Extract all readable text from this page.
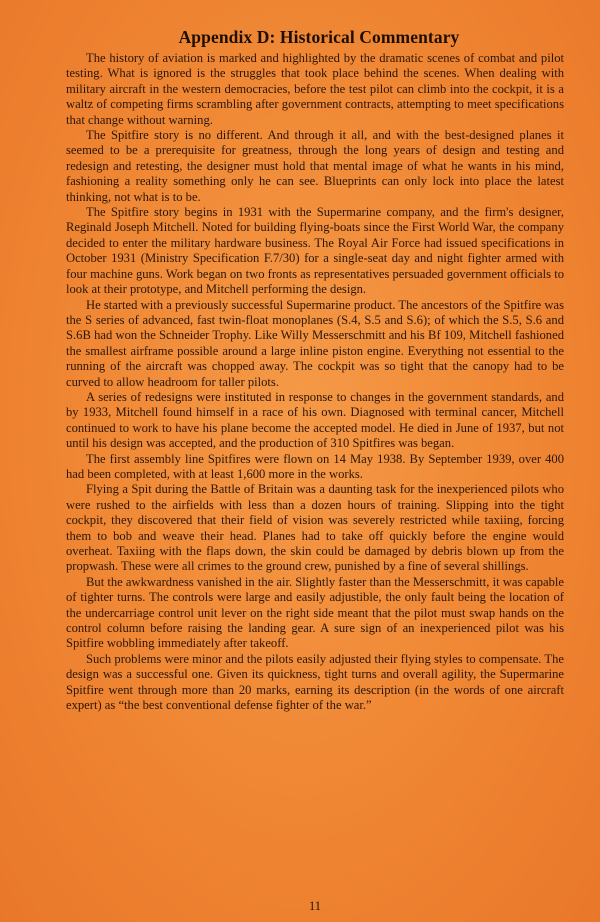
Appendix D: Historical Commentary

The history of aviation is marked and highlighted by the dramatic scenes of combat and pilot testing. What is ignored is the struggles that took place behind the scenes. When dealing with military aircraft in the western democracies, before the test pilot can climb into the cockpit, it is a waltz of competing firms scrambling after government contracts, attempting to meet specifications that change without warning.

The Spitfire story is no different. And through it all, and with the best-designed planes it seemed to be a prerequisite for greatness, through the long years of design and testing and redesign and retesting, the designer must hold that mental image of what he wants in his mind, fashioning a reality something only he can see. Blueprints can only lock into place the latest thinking, not what is to be.

The Spitfire story begins in 1931 with the Supermarine company, and the firm's designer, Reginald Joseph Mitchell. Noted for building flying-boats since the First World War, the company decided to enter the military hardware business. The Royal Air Force had issued specifications in October 1931 (Ministry Specification F.7/30) for a single-seat day and night fighter armed with four machine guns. Work began on two fronts as representatives persuaded government officials to look at their prototype, and Mitchell performing the design.

He started with a previously successful Supermarine product. The ancestors of the Spitfire was the S series of advanced, fast twin-float monoplanes (S.4, S.5 and S.6); of which the S.5, S.6 and S.6B had won the Schneider Trophy. Like Willy Messerschmitt and his Bf 109, Mitchell fashioned the smallest airframe possible around a large inline piston engine. Everything not essential to the running of the aircraft was chopped away. The cockpit was so tight that the canopy had to be curved to allow headroom for taller pilots.

A series of redesigns were instituted in response to changes in the government standards, and by 1933, Mitchell found himself in a race of his own. Diagnosed with terminal cancer, Mitchell continued to work to have his plane become the accepted model. He died in June of 1937, but not until his design was accepted, and the production of 310 Spitfires was began.

The first assembly line Spitfires were flown on 14 May 1938. By September 1939, over 400 had been completed, with at least 1,600 more in the works.

Flying a Spit during the Battle of Britain was a daunting task for the inexperienced pilots who were rushed to the airfields with less than a dozen hours of training. Slipping into the tight cockpit, they discovered that their field of vision was severely restricted while taxiing, forcing them to bob and weave their head. Planes had to take off quickly before the engine would overheat. Taxiing with the flaps down, the skin could be damaged by debris blown up from the propwash. These were all crimes to the ground crew, punished by a fine of several shillings.

But the awkwardness vanished in the air. Slightly faster than the Messerschmitt, it was capable of tighter turns. The controls were large and easily adjustible, the only fault being the location of the undercarriage control unit lever on the right side meant that the pilot must swap hands on the control column before raising the landing gear. A sure sign of an inexperienced pilot was his Spitfire wobbling immediately after takeoff.

Such problems were minor and the pilots easily adjusted their flying styles to compensate. The design was a successful one. Given its quickness, tight turns and overall agility, the Supermarine Spitfire went through more than 20 marks, earning its description (in the words of one aircraft expert) as “the best conventional defense fighter of the war.”

11
